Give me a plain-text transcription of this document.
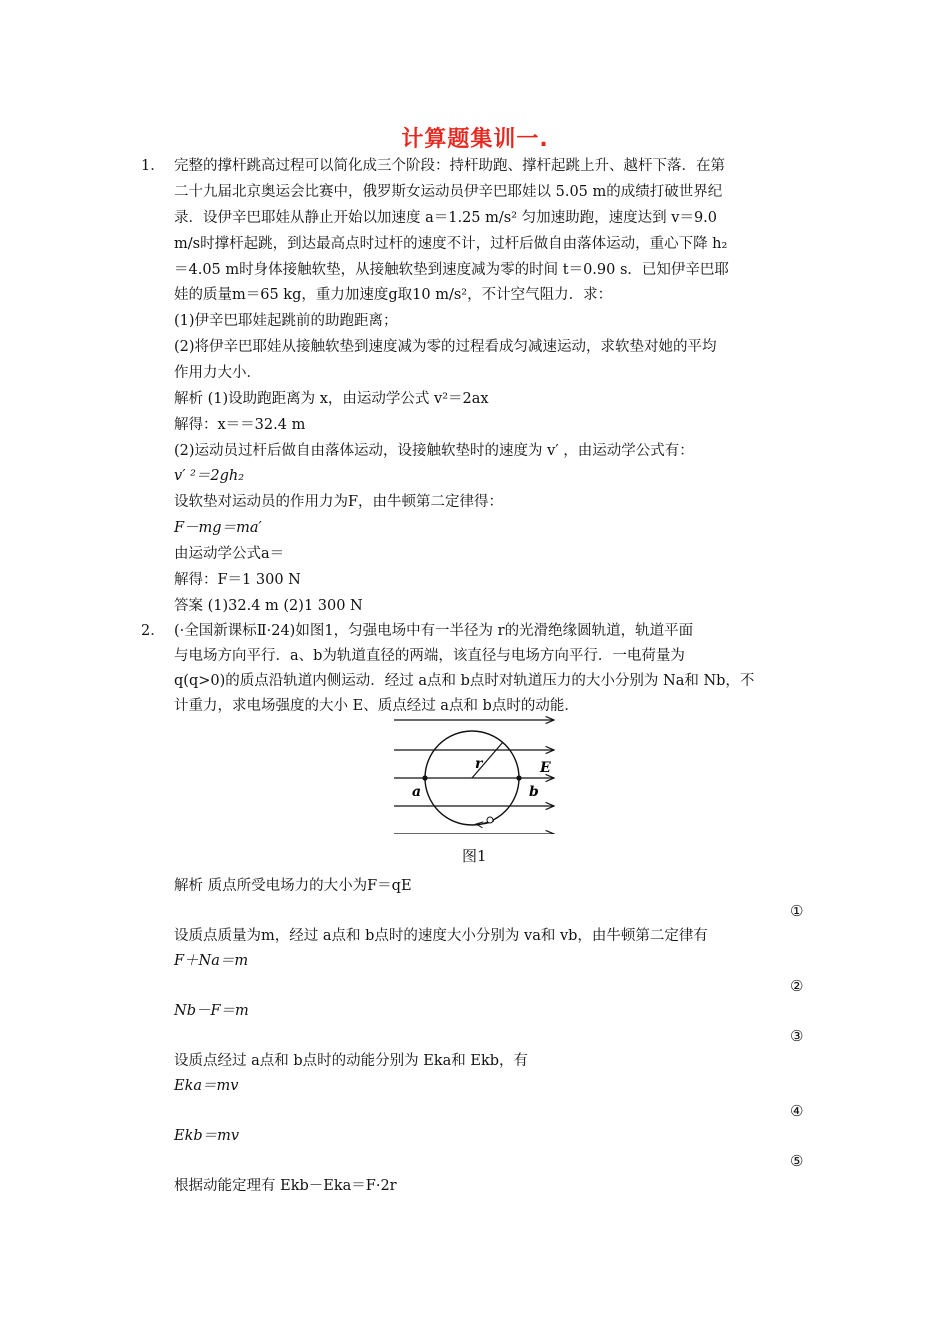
计算题集训一.
1． 完整的撑杆跳高过程可以简化成三个阶段：持杆助跑、撑杆起跳上升、越杆下落．在第
二十九届北京奥运会比赛中，俄罗斯女运动员伊辛巴耶娃以 5.05 m的成绩打破世界纪
录．设伊辛巴耶娃从静止开始以加速度 a＝1.25 m/s² 匀加速助跑，速度达到 v＝9.0
m/s时撑杆起跳，到达最高点时过杆的速度不计，过杆后做自由落体运动，重心下降 h₂
＝4.05 m时身体接触软垫，从接触软垫到速度减为零的时间 t＝0.90 s．已知伊辛巴耶
娃的质量m＝65 kg，重力加速度g取10 m/s²，不计空气阻力．求：
(1)伊辛巴耶娃起跳前的助跑距离；
(2)将伊辛巴耶娃从接触软垫到速度减为零的过程看成匀减速运动，求软垫对她的平均
作用力大小．
解析 (1)设助跑距离为 x，由运动学公式 v²＝2ax
解得：x＝＝32.4 m
(2)运动员过杆后做自由落体运动，设接触软垫时的速度为 v′ ，由运动学公式有：
v′ ²＝2gh₂
设软垫对运动员的作用力为F，由牛顿第二定律得：
F－mg＝ma′
由运动学公式a＝
解得：F＝1 300 N
答案 (1)32.4 m (2)1 300 N
2． (·全国新课标Ⅱ·24)如图1，匀强电场中有一半径为 r的光滑绝缘圆轨道，轨道平面
与电场方向平行．a、b为轨道直径的两端，该直径与电场方向平行．一电荷量为
q(q>0)的质点沿轨道内侧运动．经过 a点和 b点时对轨道压力的大小分别为 Na和 Nb，不
计重力，求电场强度的大小 E、质点经过 a点和 b点时的动能．
r	E
a	b
图1
解析 质点所受电场力的大小为F＝qE
①
设质点质量为m，经过 a点和 b点时的速度大小分别为 va和 vb，由牛顿第二定律有
F＋Na＝m
②
Nb－F＝m
③
设质点经过 a点和 b点时的动能分别为 Eka和 Ekb，有
Eka＝mv
④
Ekb＝mv
⑤
根据动能定理有 Ekb－Eka＝F·2r
